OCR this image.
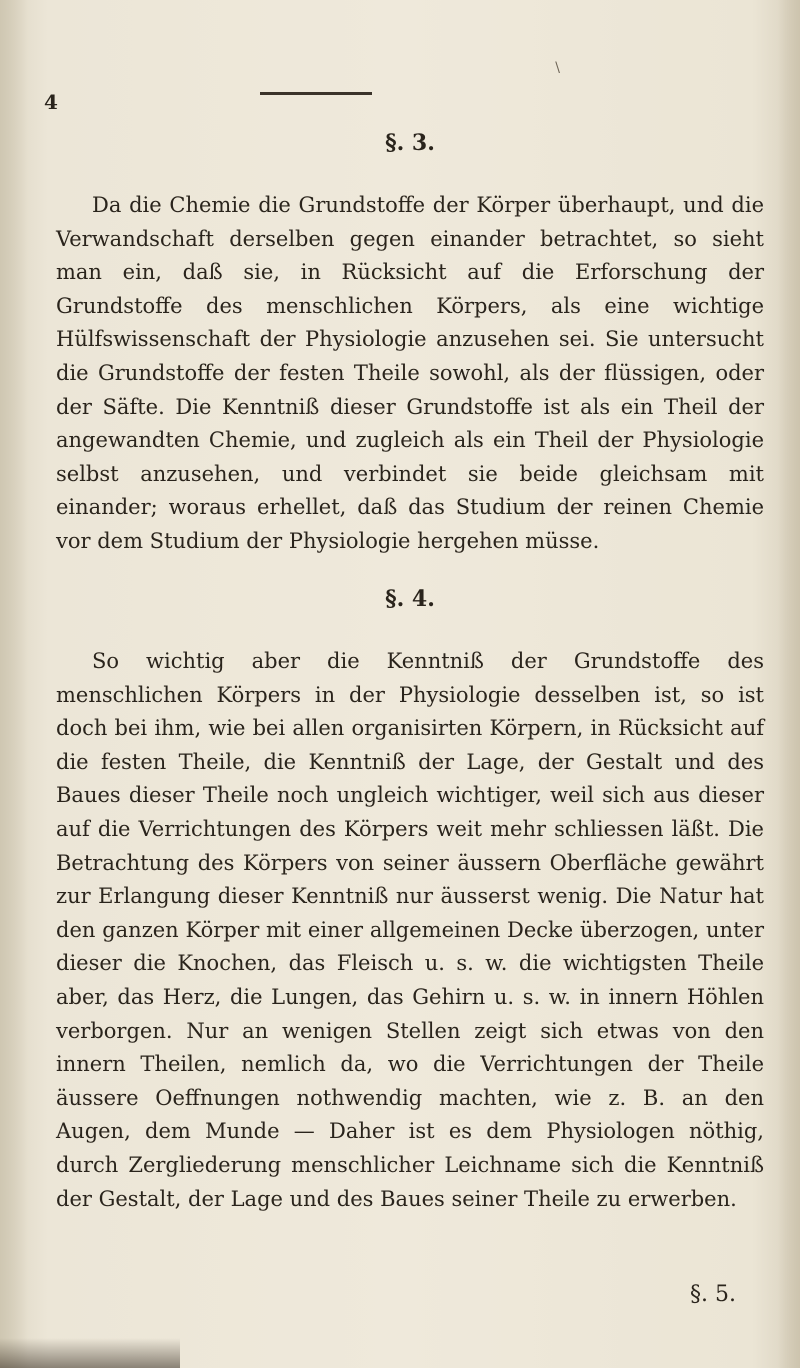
4
\
§. 3.

Da die Chemie die Grundstoffe der Körper überhaupt, und die Verwandschaft derselben gegen einander betrachtet, so sieht man ein, daß sie, in Rücksicht auf die Erforschung der Grundstoffe des menschlichen Körpers, als eine wichtige Hülfswissenschaft der Physiologie anzusehen sei. Sie untersucht die Grundstoffe der festen Theile sowohl, als der flüssigen, oder der Säfte. Die Kenntniß dieser Grundstoffe ist als ein Theil der angewandten Chemie, und zugleich als ein Theil der Physiologie selbst anzusehen, und verbindet sie beide gleichsam mit einander; woraus erhellet, daß das Studium der reinen Chemie vor dem Studium der Physiologie hergehen müsse.

§. 4.

So wichtig aber die Kenntniß der Grundstoffe des menschlichen Körpers in der Physiologie desselben ist, so ist doch bei ihm, wie bei allen organisirten Körpern, in Rücksicht auf die festen Theile, die Kenntniß der Lage, der Gestalt und des Baues dieser Theile noch ungleich wichtiger, weil sich aus dieser auf die Verrichtungen des Körpers weit mehr schliessen läßt. Die Betrachtung des Körpers von seiner äussern Oberfläche gewährt zur Erlangung dieser Kenntniß nur äusserst wenig. Die Natur hat den ganzen Körper mit einer allgemeinen Decke überzogen, unter dieser die Knochen, das Fleisch u. s. w. die wichtigsten Theile aber, das Herz, die Lungen, das Gehirn u. s. w. in innern Höhlen verborgen. Nur an wenigen Stellen zeigt sich etwas von den innern Theilen, nemlich da, wo die Verrichtungen der Theile äussere Oeffnungen nothwendig machten, wie z. B. an den Augen, dem Munde — Daher ist es dem Physiologen nöthig, durch Zergliederung menschlicher Leichname sich die Kenntniß der Gestalt, der Lage und des Baues seiner Theile zu erwerben.

§. 5.
